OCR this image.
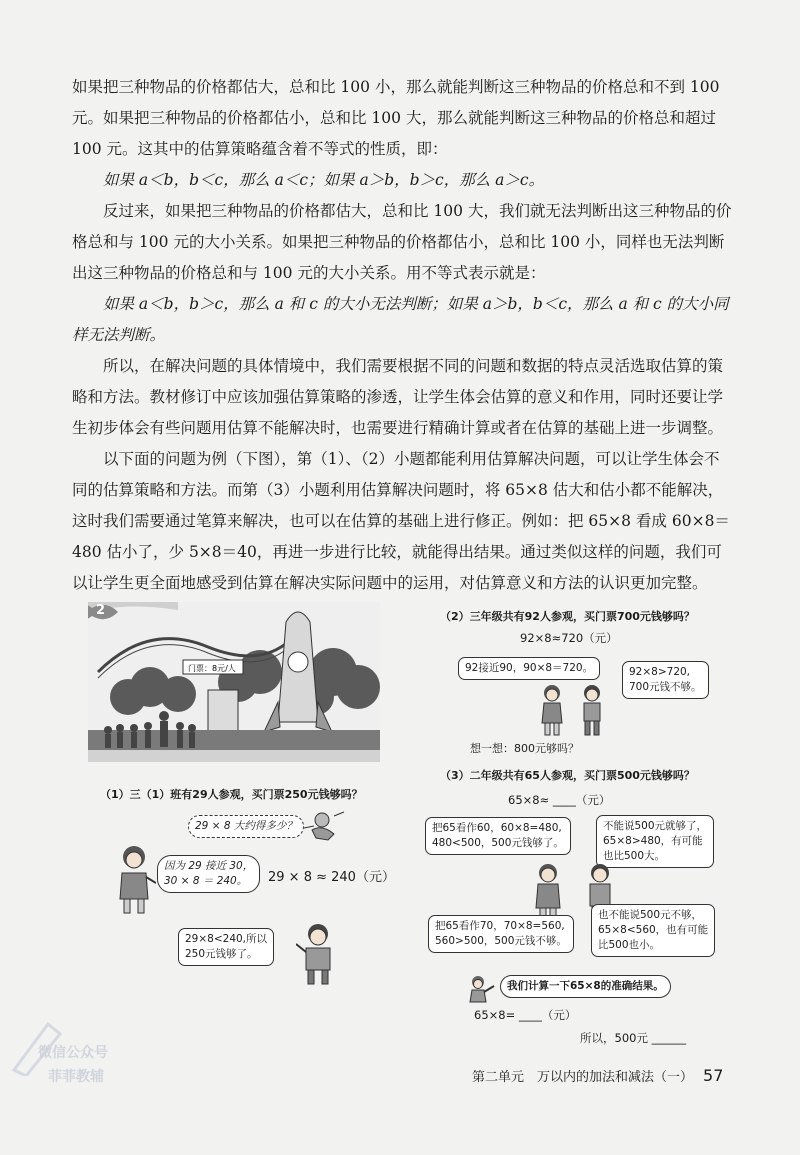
如果把三种物品的价格都估大，总和比 100 小，那么就能判断这三种物品的价格总和不到 100 元。如果把三种物品的价格都估小，总和比 100 大，那么就能判断这三种物品的价格总和超过 100 元。这其中的估算策略蕴含着不等式的性质，即：

如果 a＜b，b＜c，那么 a＜c；如果 a＞b，b＞c，那么 a＞c。

反过来，如果把三种物品的价格都估大，总和比 100 大，我们就无法判断出这三种物品的价格总和与 100 元的大小关系。如果把三种物品的价格都估小，总和比 100 小，同样也无法判断出这三种物品的价格总和与 100 元的大小关系。用不等式表示就是：

如果 a＜b，b＞c，那么 a 和 c 的大小无法判断；如果 a＞b，b＜c，那么 a 和 c 的大小同样无法判断。

所以，在解决问题的具体情境中，我们需要根据不同的问题和数据的特点灵活选取估算的策略和方法。教材修订中应该加强估算策略的渗透，让学生体会估算的意义和作用，同时还要让学生初步体会有些问题用估算不能解决时，也需要进行精确计算或者在估算的基础上进一步调整。

以下面的问题为例（下图），第（1）、（2）小题都能利用估算解决问题，可以让学生体会不同的估算策略和方法。而第（3）小题利用估算解决问题时，将 65×8 估大和估小都不能解决，这时我们需要通过笔算来解决，也可以在估算的基础上进行修正。例如：把 65×8 看成 60×8＝480 估小了，少 5×8＝40，再进一步进行比较，就能得出结果。通过类似这样的问题，我们可以让学生更全面地感受到估算在解决实际问题中的运用，对估算意义和方法的认识更加完整。

门票：8元/人
2
（1）三（1）班有29人参观，买门票250元钱够吗？
29 × 8 大约得多少？
因为 29 接近 30，
30 × 8 ＝ 240。	29 × 8 ≈ 240（元）
29×8<240,所以
250元钱够了。
（2）三年级共有92人参观，买门票700元钱够吗？
92×8≈720（元）
92接近90，90×8＝720。	92×8>720,
700元钱不够。
想一想：800元够吗？
（3）二年级共有65人参观，买门票500元钱够吗？
65×8≈ ____（元）
把65看作60，60×8=480,
480<500，500元钱够了。
不能说500元就够了，
65×8>480，有可能
也比500大。
把65看作70，70×8=560,
560>500，500元钱不够。
也不能说500元不够，
65×8<560，也有可能
比500也小。
我们计算一下65×8的准确结果。
65×8= ____（元）
所以，500元 ______
微信公众号
菲菲教辅	第二单元　万以内的加法和减法（一） 57
